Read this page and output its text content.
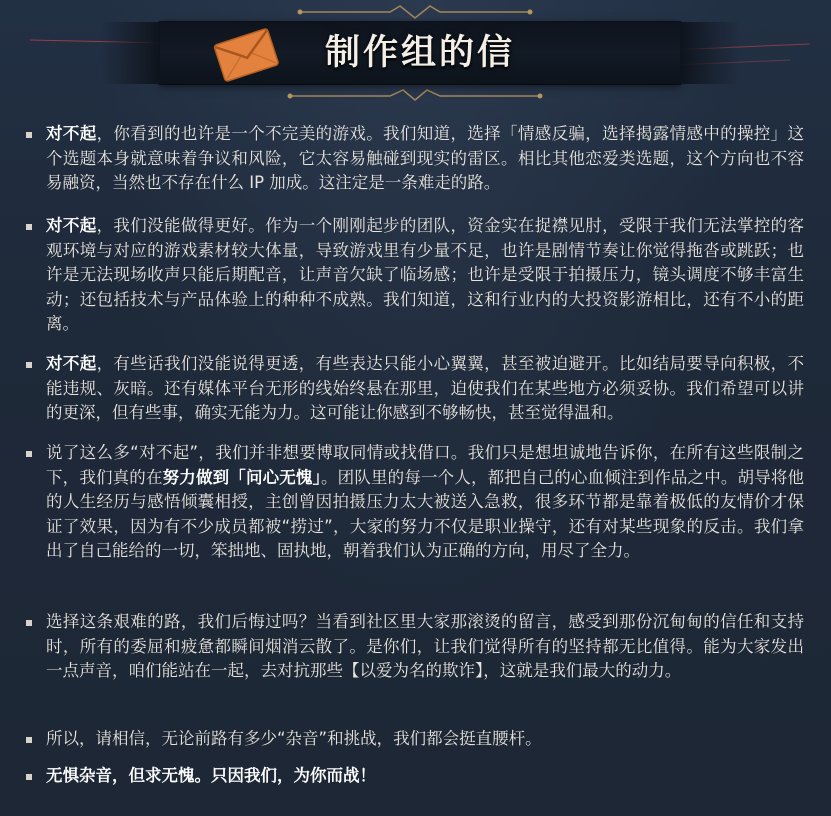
制作组的信

对不起，你看到的也许是一个不完美的游戏。我们知道，选择「情感反骗，选择揭露情感中的操控」这个选题本身就意味着争议和风险，它太容易触碰到现实的雷区。相比其他恋爱类选题，这个方向也不容易融资，当然也不存在什么 IP 加成。这注定是一条难走的路。

对不起，我们没能做得更好。作为一个刚刚起步的团队，资金实在捉襟见肘，受限于我们无法掌控的客观环境与对应的游戏素材较大体量，导致游戏里有少量不足，也许是剧情节奏让你觉得拖沓或跳跃；也许是无法现场收声只能后期配音，让声音欠缺了临场感；也许是受限于拍摄压力，镜头调度不够丰富生动；还包括技术与产品体验上的种种不成熟。我们知道，这和行业内的大投资影游相比，还有不小的距离。

对不起，有些话我们没能说得更透，有些表达只能小心翼翼，甚至被迫避开。比如结局要导向积极，不能违规、灰暗。还有媒体平台无形的线始终悬在那里，迫使我们在某些地方必须妥协。我们希望可以讲的更深，但有些事，确实无能为力。这可能让你感到不够畅快，甚至觉得温和。

说了这么多“对不起”，我们并非想要博取同情或找借口。我们只是想坦诚地告诉你，在所有这些限制之下，我们真的在努力做到「问心无愧」。团队里的每一个人，都把自己的心血倾注到作品之中。胡导将他的人生经历与感悟倾囊相授，主创曾因拍摄压力太大被送入急救，很多环节都是靠着极低的友情价才保证了效果，因为有不少成员都被“捞过”，大家的努力不仅是职业操守，还有对某些现象的反击。我们拿出了自己能给的一切，笨拙地、固执地，朝着我们认为正确的方向，用尽了全力。

选择这条艰难的路，我们后悔过吗？当看到社区里大家那滚烫的留言，感受到那份沉甸甸的信任和支持时，所有的委屈和疲惫都瞬间烟消云散了。是你们，让我们觉得所有的坚持都无比值得。能为大家发出一点声音，咱们能站在一起，去对抗那些【以爱为名的欺诈】，这就是我们最大的动力。

所以，请相信，无论前路有多少“杂音”和挑战，我们都会挺直腰杆。

无惧杂音，但求无愧。只因我们，为你而战！
